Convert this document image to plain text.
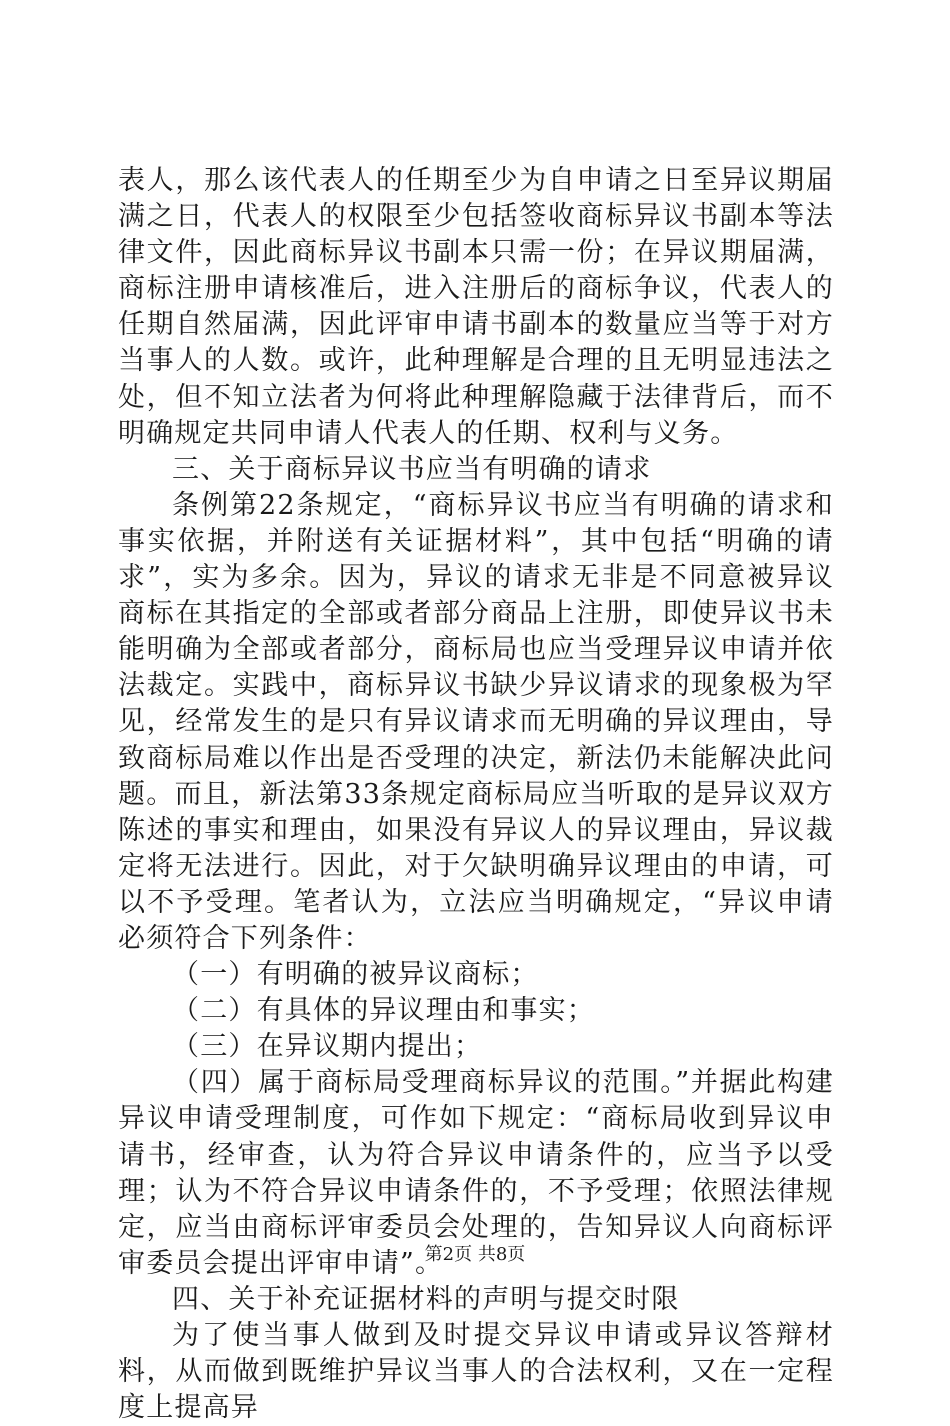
表人，那么该代表人的任期至少为自申请之日至异议期届满之日，代表人的权限至少包括签收商标异议书副本等法律文件，因此商标异议书副本只需一份；在异议期届满，商标注册申请核准后，进入注册后的商标争议，代表人的任期自然届满，因此评审申请书副本的数量应当等于对方当事人的人数。或许，此种理解是合理的且无明显违法之处，但不知立法者为何将此种理解隐藏于法律背后，而不明确规定共同申请人代表人的任期、权利与义务。

三、关于商标异议书应当有明确的请求

条例第22条规定，“商标异议书应当有明确的请求和事实依据，并附送有关证据材料”，其中包括“明确的请求”，实为多余。因为，异议的请求无非是不同意被异议商标在其指定的全部或者部分商品上注册，即使异议书未能明确为全部或者部分，商标局也应当受理异议申请并依法裁定。实践中，商标异议书缺少异议请求的现象极为罕见，经常发生的是只有异议请求而无明确的异议理由，导致商标局难以作出是否受理的决定，新法仍未能解决此问题。而且，新法第33条规定商标局应当听取的是异议双方陈述的事实和理由，如果没有异议人的异议理由，异议裁定将无法进行。因此，对于欠缺明确异议理由的申请，可以不予受理。笔者认为，立法应当明确规定，“异议申请必须符合下列条件：

（一）有明确的被异议商标；

（二）有具体的异议理由和事实；

（三）在异议期内提出；

（四）属于商标局受理商标异议的范围。”并据此构建异议申请受理制度，可作如下规定：“商标局收到异议申请书，经审查，认为符合异议申请条件的，应当予以受理；认为不符合异议申请条件的，不予受理；依照法律规定，应当由商标评审委员会处理的，告知异议人向商标评审委员会提出评审申请”。

四、关于补充证据材料的声明与提交时限

为了使当事人做到及时提交异议申请或异议答辩材料，从而做到既维护异议当事人的合法权利，又在一定程度上提高异

第2页 共8页
